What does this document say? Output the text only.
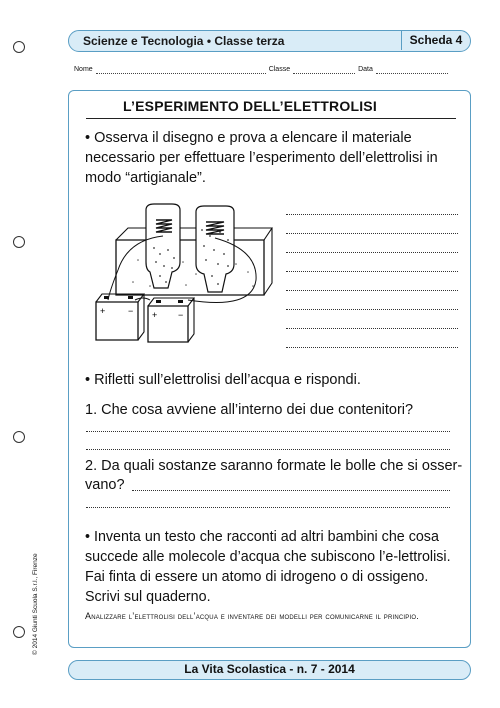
Scienze e Tecnologia • Classe terza	Scheda 4
Nome	Classe	Data
L’ESPERIMENTO DELL’ELETTROLISI
• Osserva il disegno e prova a elencare il materiale necessario per effettuare l’esperimento dell’elettrolisi in modo “artigianale”.
+	− + −
• Rifletti sull’elettrolisi dell’acqua e rispondi.
1. Che cosa avviene all’interno dei due contenitori?
2. Da quali sostanze saranno formate le bolle che si osser-
vano?
• Inventa un testo che racconti ad altri bambini che cosa succede alle molecole d’acqua che subiscono l’e-lettrolisi. Fai finta di essere un atomo di idrogeno o di ossigeno. Scrivi sul quaderno.
Analizzare l’elettrolisi dell’acqua e inventare dei modelli per comunicarne il principio.
© 2014 Giunti Scuola S.r.l., Firenze
La Vita Scolastica - n. 7 - 2014
